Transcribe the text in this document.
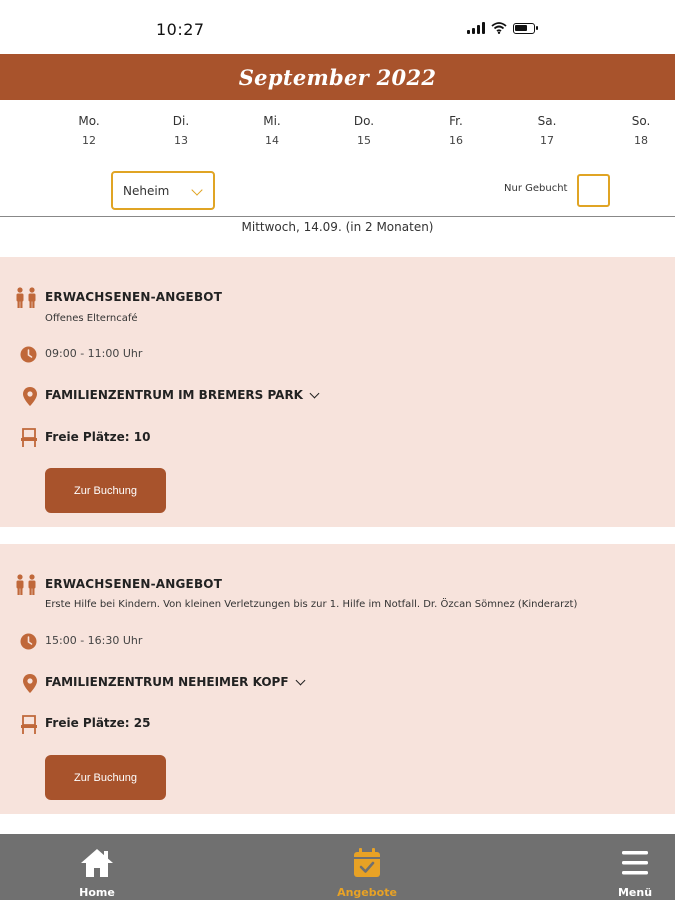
10:27
September 2022
Mo.
12
Di.
13
Mi.
14
Do.
15
Fr.
16
Sa.
17
So.
18
Neheim	Nur Gebucht
Mittwoch, 14.09. (in 2 Monaten)
ERWACHSENEN-ANGEBOT
Offenes Elterncafé
09:00 - 11:00 Uhr
FAMILIENZENTRUM IM BREMERS PARK
Freie Plätze: 10
Zur Buchung
ERWACHSENEN-ANGEBOT
Erste Hilfe bei Kindern. Von kleinen Verletzungen bis zur 1. Hilfe im Notfall. Dr. Özcan Sömnez (Kinderarzt)
15:00 - 16:30 Uhr
FAMILIENZENTRUM NEHEIMER KOPF
Freie Plätze: 25
Zur Buchung
Home	Angebote	Menü
